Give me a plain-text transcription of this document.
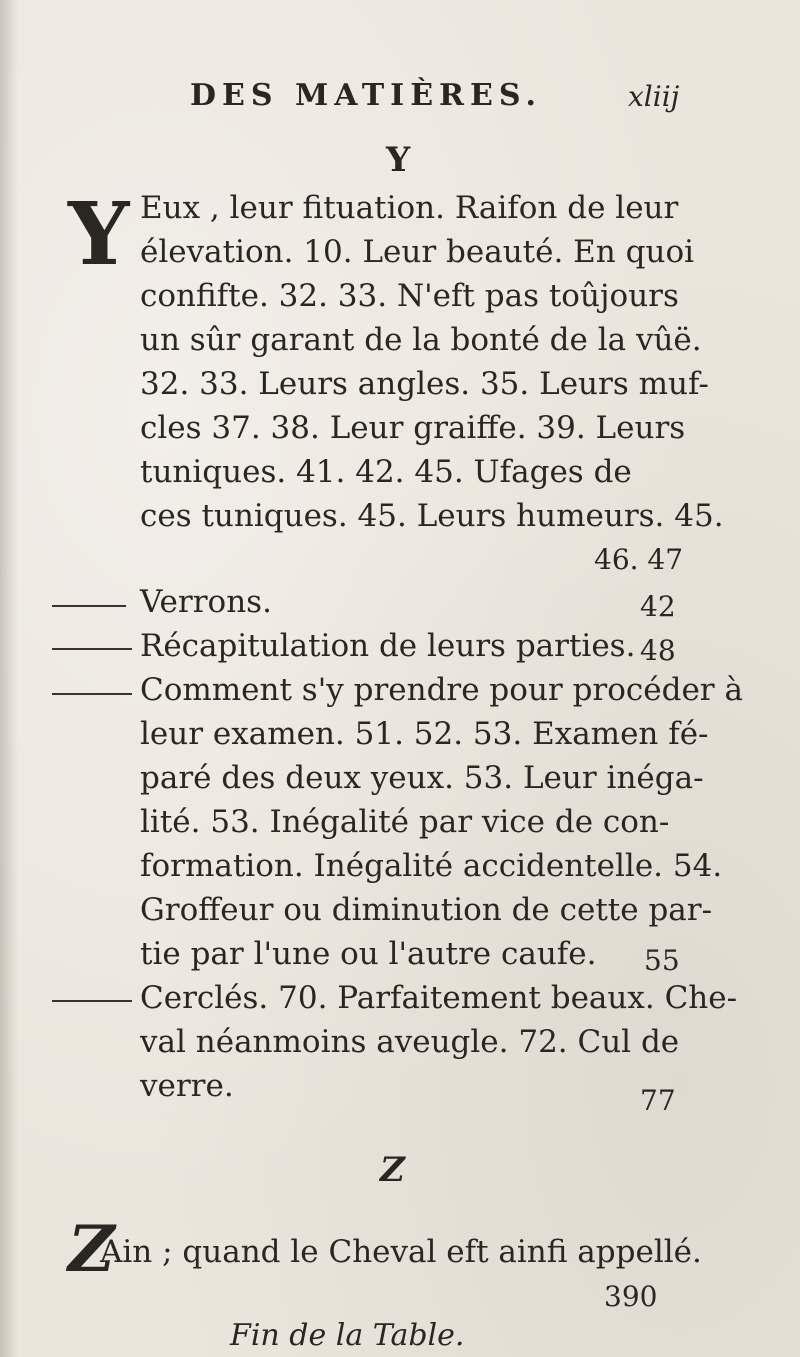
DES MATIÈRES.	xliij
Y
Y Eux , leur fituation. Raifon de leur
élevation. 10. Leur beauté. En quoi
confifte. 32. 33. N'eft pas toûjours
un sûr garant de la bonté de la vûë.
32. 33. Leurs angles. 35. Leurs muf-
cles 37. 38. Leur graiffe. 39. Leurs
tuniques. 41. 42. 45. Ufages de
ces tuniques. 45. Leurs humeurs. 45.
46. 47
Verrons.	42
Récapitulation de leurs parties. 48
Comment s'y prendre pour procéder à
leur examen. 51. 52. 53. Examen fé-
paré des deux yeux. 53. Leur inéga-
lité. 53. Inégalité par vice de con-
formation. Inégalité accidentelle. 54.
Groffeur ou diminution de cette par-
tie par l'une ou l'autre caufe. 55
Cerclés. 70. Parfaitement beaux. Che-
val néanmoins aveugle. 72. Cul de
verre.	77
Z
Z
Ain ; quand le Cheval eft ainfi appellé.
390
Fin de la Table.
